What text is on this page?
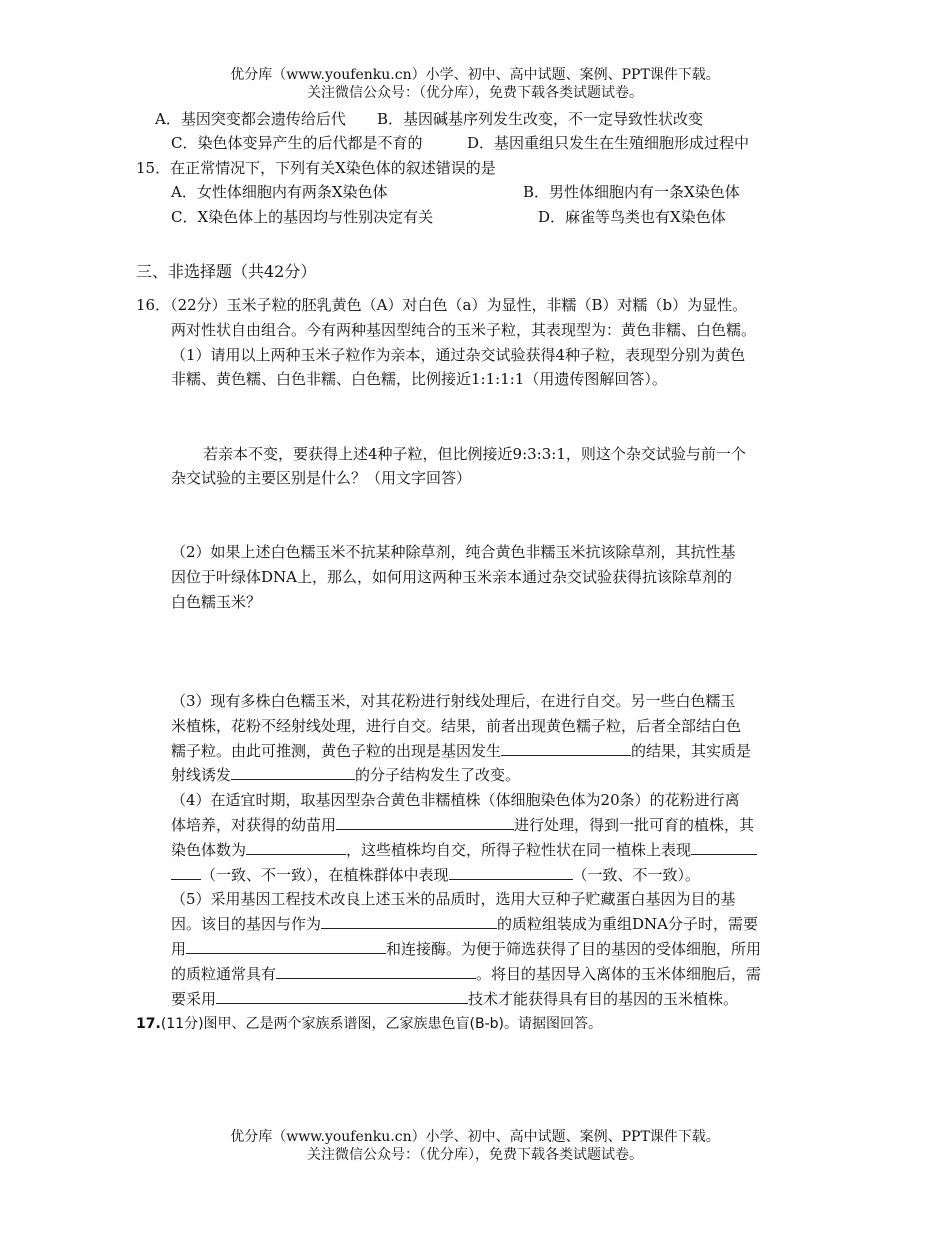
优分库（www.youfenku.cn）小学、初中、高中试题、案例、PPT课件下载。
关注微信公众号：（优分库），免费下载各类试题试卷。
A．基因突变都会遗传给后代 B．基因碱基序列发生改变，不一定导致性状改变
C．染色体变异产生的后代都是不育的	D．基因重组只发生在生殖细胞形成过程中
15．在正常情况下，下列有关X染色体的叙述错误的是
A．女性体细胞内有两条X染色体	B．男性体细胞内有一条X染色体
C．X染色体上的基因均与性别决定有关	D．麻雀等鸟类也有X染色体
三、非选择题（共42分）
16．（22分）玉米子粒的胚乳黄色（A）对白色（a）为显性，非糯（B）对糯（b）为显性。
两对性状自由组合。今有两种基因型纯合的玉米子粒，其表现型为：黄色非糯、白色糯。
（1）请用以上两种玉米子粒作为亲本，通过杂交试验获得4种子粒，表现型分别为黄色
非糯、黄色糯、白色非糯、白色糯，比例接近1:1:1:1（用遗传图解回答）。
若亲本不变，要获得上述4种子粒，但比例接近9:3:3:1，则这个杂交试验与前一个
杂交试验的主要区别是什么？（用文字回答）
（2）如果上述白色糯玉米不抗某种除草剂，纯合黄色非糯玉米抗该除草剂，其抗性基
因位于叶绿体DNA上，那么，如何用这两种玉米亲本通过杂交试验获得抗该除草剂的
白色糯玉米？
（3）现有多株白色糯玉米，对其花粉进行射线处理后，在进行自交。另一些白色糯玉
米植株，花粉不经射线处理，进行自交。结果，前者出现黄色糯子粒，后者全部结白色
糯子粒。由此可推测，黄色子粒的出现是基因发生	的结果，其实质是
射线诱发	的分子结构发生了改变。
（4）在适宜时期，取基因型杂合黄色非糯植株（体细胞染色体为20条）的花粉进行离
体培养，对获得的幼苗用	进行处理，得到一批可育的植株，其
染色体数为	，这些植株均自交，所得子粒性状在同一植株上表现
（一致、不一致），在植株群体中表现	（一致、不一致）。
（5）采用基因工程技术改良上述玉米的品质时，选用大豆种子贮藏蛋白基因为目的基
因。该目的基因与作为	的质粒组装成为重组DNA分子时，需要
用	和连接酶。为便于筛选获得了目的基因的受体细胞，所用
的质粒通常具有	。将目的基因导入离体的玉米体细胞后，需
要采用	技术才能获得具有目的基因的玉米植株。
17.(11分)图甲、乙是两个家族系谱图，乙家族患色盲(B-b)。请据图回答。
优分库（www.youfenku.cn）小学、初中、高中试题、案例、PPT课件下载。
关注微信公众号：（优分库），免费下载各类试题试卷。
